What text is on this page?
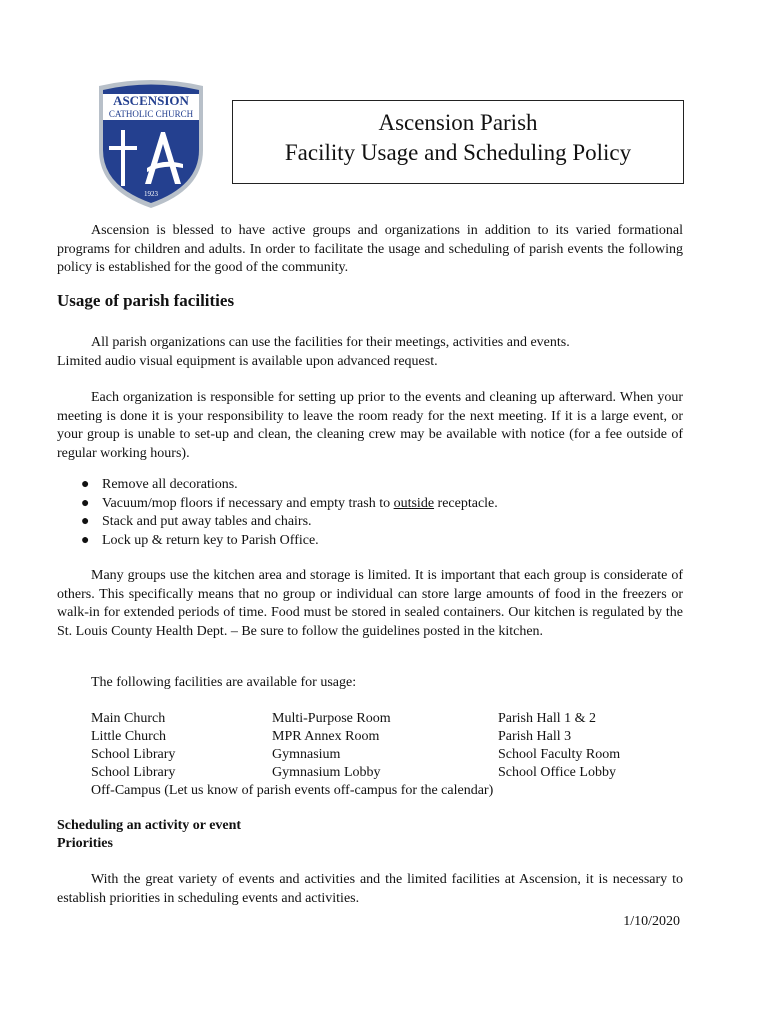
ASCENSION
CATHOLIC CHURCH
1923
Ascension Parish
Facility Usage and Scheduling Policy
Ascension is blessed to have active groups and organizations in addition to its varied formational programs for children and adults. In order to facilitate the usage and scheduling of parish events the following policy is established for the good of the community.
Usage of parish facilities
All parish organizations can use the facilities for their meetings, activities and events.
Limited audio visual equipment is available upon advanced request.
Each organization is responsible for setting up prior to the events and cleaning up afterward. When your meeting is done it is your responsibility to leave the room ready for the next meeting. If it is a large event, or your group is unable to set-up and clean, the cleaning crew may be available with notice (for a fee outside of regular working hours).
● Remove all decorations.
● Vacuum/mop floors if necessary and empty trash to outside receptacle.
● Stack and put away tables and chairs.
● Lock up & return key to Parish Office.
Many groups use the kitchen area and storage is limited. It is important that each group is considerate of others. This specifically means that no group or individual can store large amounts of food in the freezers or walk-in for extended periods of time. Food must be stored in sealed containers. Our kitchen is regulated by the St. Louis County Health Dept. – Be sure to follow the guidelines posted in the kitchen.
The following facilities are available for usage:
Main Church	Multi-Purpose Room	Parish Hall 1 & 2
Little Church	MPR Annex Room	Parish Hall 3
School Library	Gymnasium	School Faculty Room
School Library	Gymnasium Lobby	School Office Lobby
Off-Campus (Let us know of parish events off-campus for the calendar)
Scheduling an activity or event
Priorities
With the great variety of events and activities and the limited facilities at Ascension, it is necessary to establish priorities in scheduling events and activities.
1/10/2020
